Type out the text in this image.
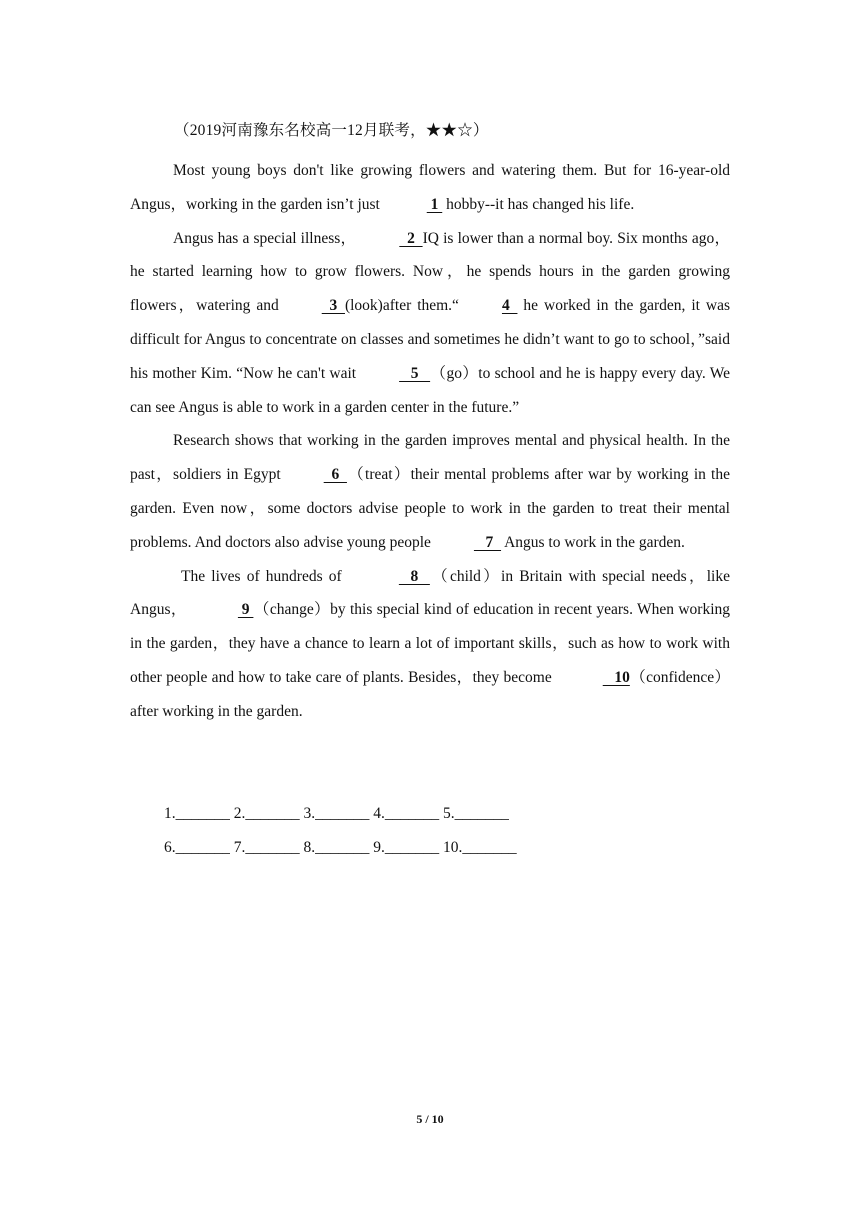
（2019河南豫东名校高一12月联考，★★☆）

Most young boys don't like growing flowers and watering them. But for 16-year-old Angus，working in the garden isn’t just	1  hobby--it has changed his life.

Angus has a special illness，	2  IQ is lower than a normal boy. Six months ago，he started learning how to grow flowers. Now，he spends hours in the garden growing flowers，watering and	3  (look)after them.“	4   he worked in the garden, it was difficult for Angus to concentrate on classes and sometimes he didn’t want to go to school，”said his mother Kim. “Now he can't wait	5   （go）to school and he is happy every day. We can see Angus is able to work in a garden center in the future.”

Research shows that working in the garden improves mental and physical health. In the past，soldiers in Egypt	6  （treat）their mental problems after war by working in the garden. Even now，some doctors advise people to work in the garden to treat their mental problems. And doctors also advise young people	7   Angus to work in the garden.

The lives of hundreds of	8   （child）in Britain with special needs，like Angus，	9 （change）by this special kind of education in recent years. When working in the garden，they have a chance to learn a lot of important skills，such as how to work with other people and how to take care of plants. Besides，they become	10（confidence）after working in the garden.

1._______ 2._______ 3._______ 4._______ 5._______
6._______ 7._______ 8._______ 9._______ 10._______
5 / 10
